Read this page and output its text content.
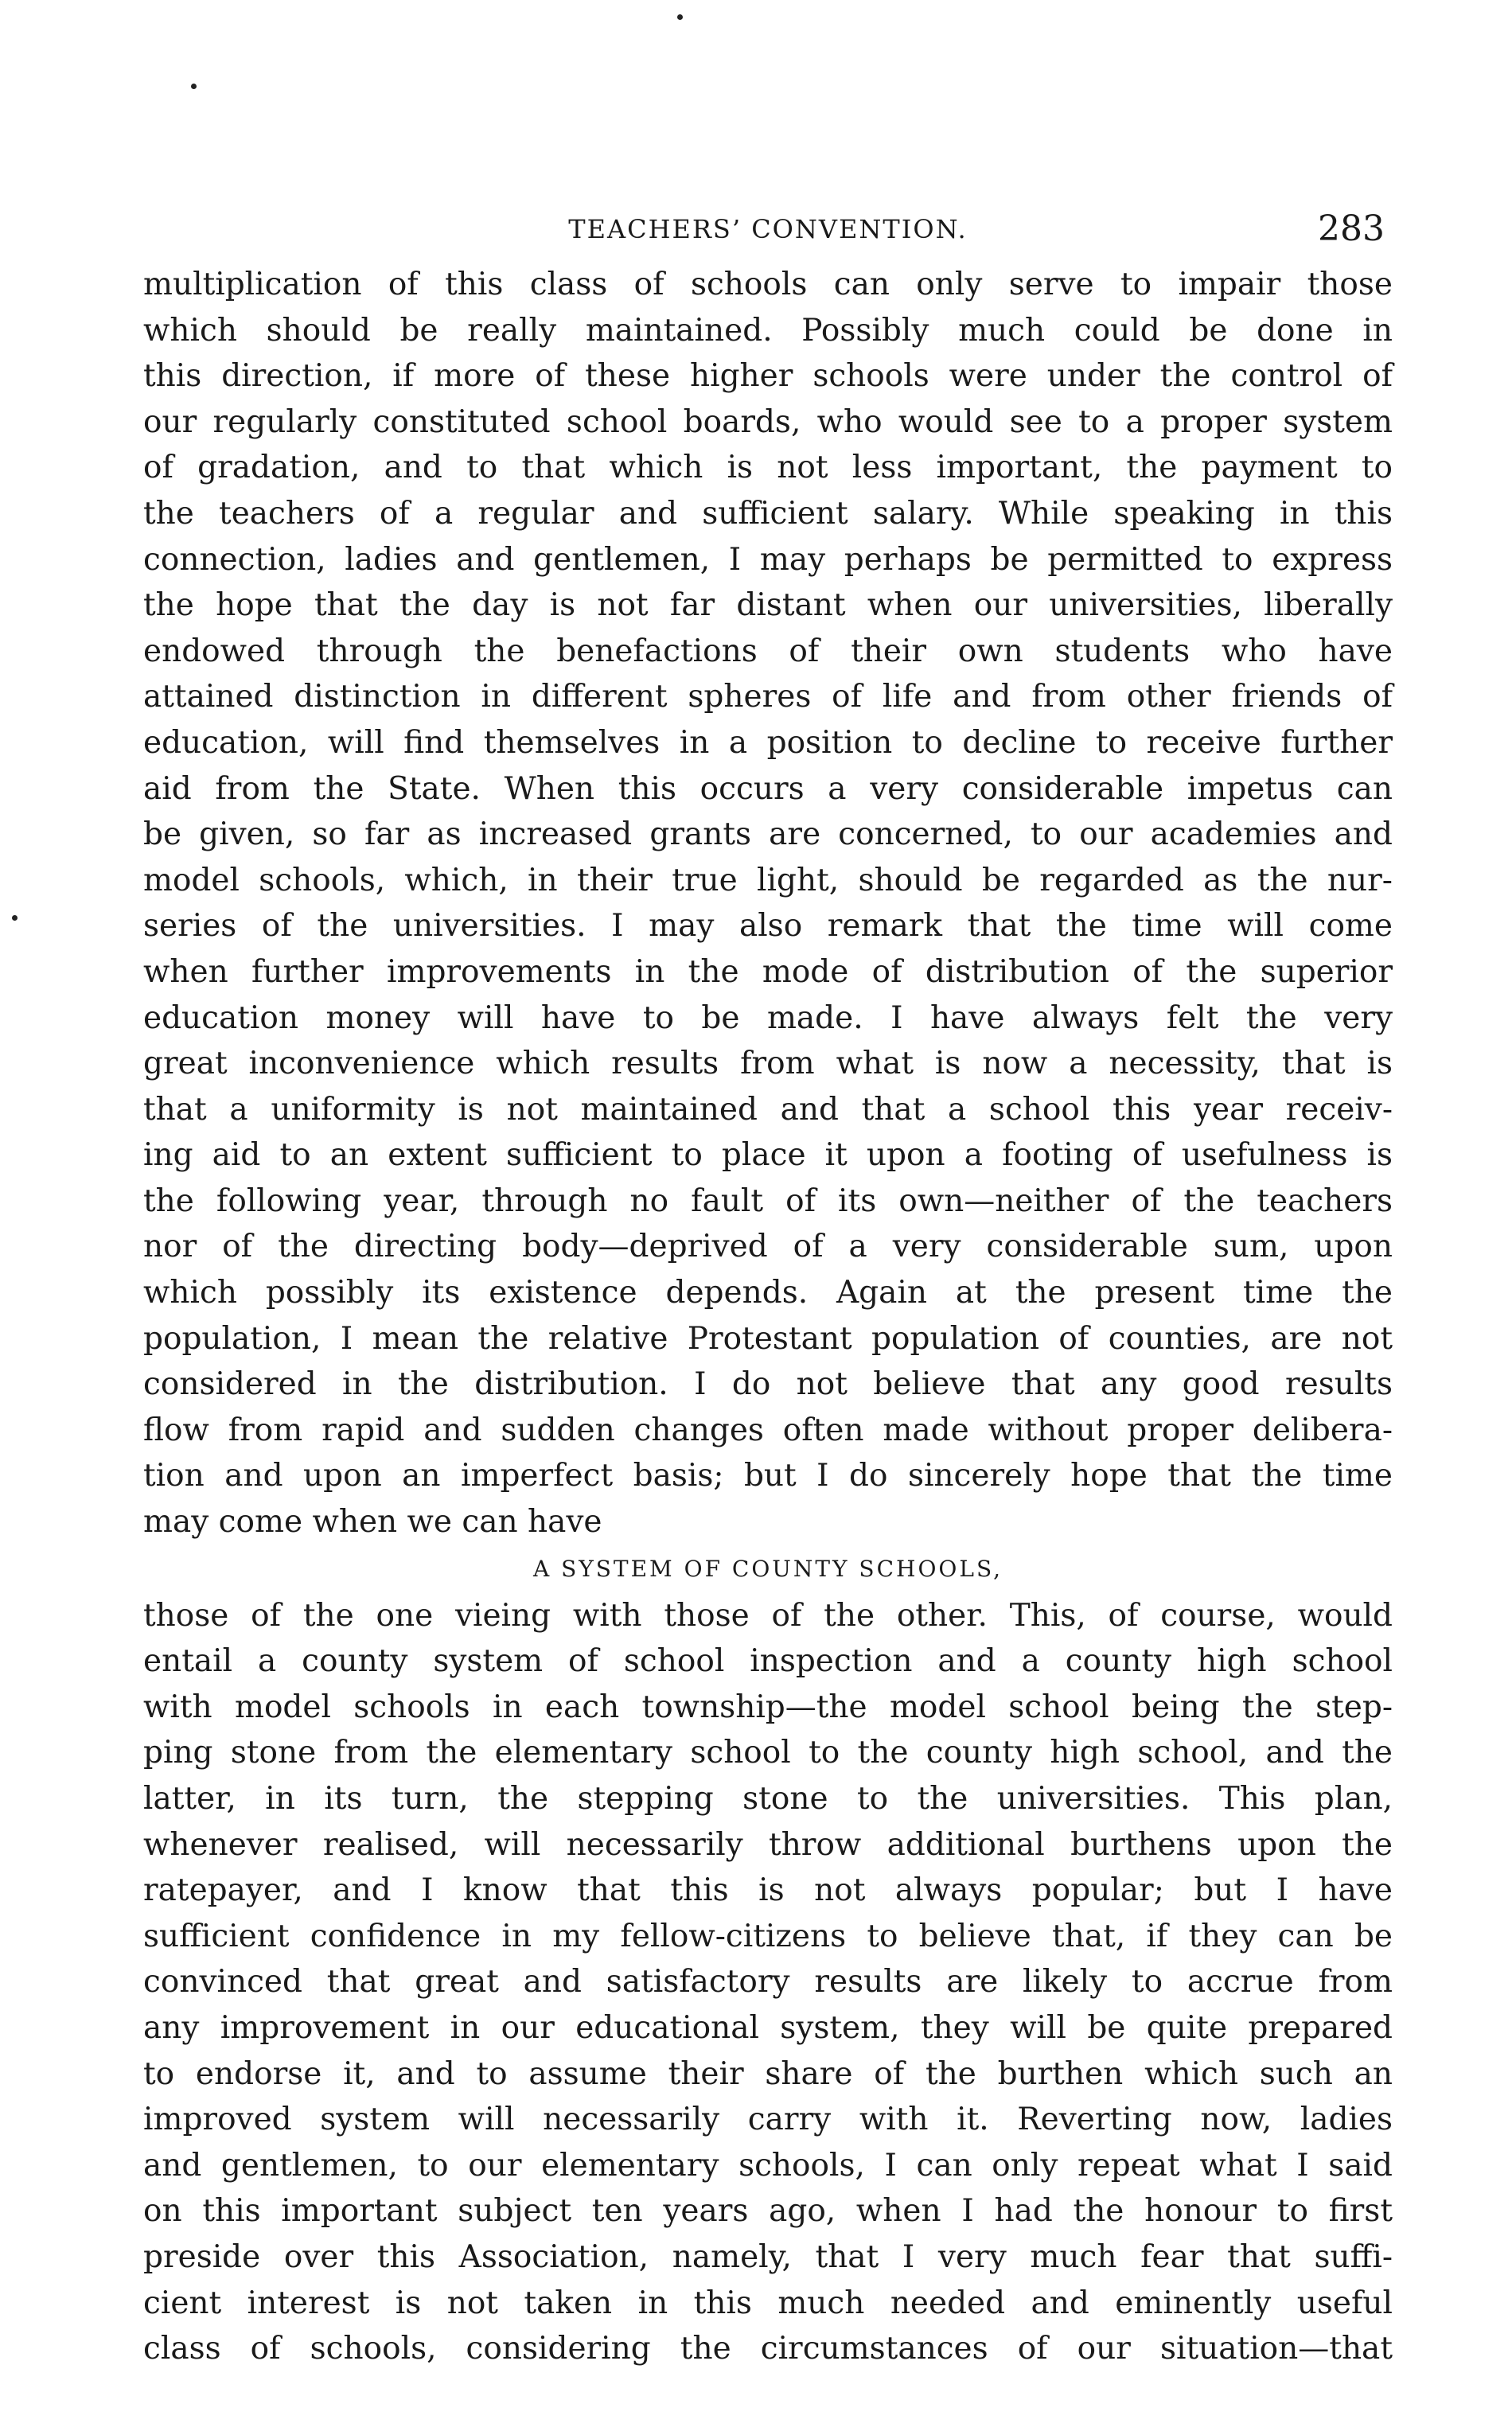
TEACHERS’ CONVENTION.	283
multiplication of this class of schools can only serve to impair those
which should be really maintained. Possibly much could be done in
this direction, if more of these higher schools were under the control of
our regularly constituted school boards, who would see to a proper system
of gradation, and to that which is not less important, the payment to
the teachers of a regular and sufficient salary. While speaking in this
connection, ladies and gentlemen, I may perhaps be permitted to express
the hope that the day is not far distant when our universities, liberally
endowed through the benefactions of their own students who have
attained distinction in different spheres of life and from other friends of
education, will find themselves in a position to decline to receive further
aid from the State. When this occurs a very considerable impetus can
be given, so far as increased grants are concerned, to our academies and
model schools, which, in their true light, should be regarded as the nur-
series of the universities. I may also remark that the time will come
when further improvements in the mode of distribution of the superior
education money will have to be made. I have always felt the very
great inconvenience which results from what is now a necessity, that is
that a uniformity is not maintained and that a school this year receiv-
ing aid to an extent sufficient to place it upon a footing of usefulness is
the following year, through no fault of its own—neither of the teachers
nor of the directing body—deprived of a very considerable sum, upon
which possibly its existence depends. Again at the present time the
population, I mean the relative Protestant population of counties, are not
considered in the distribution. I do not believe that any good results
flow from rapid and sudden changes often made without proper delibera-
tion and upon an imperfect basis; but I do sincerely hope that the time
may come when we can have
A SYSTEM OF COUNTY SCHOOLS,
those of the one vieing with those of the other. This, of course, would
entail a county system of school inspection and a county high school
with model schools in each township—the model school being the step-
ping stone from the elementary school to the county high school, and the
latter, in its turn, the stepping stone to the universities. This plan,
whenever realised, will necessarily throw additional burthens upon the
ratepayer, and I know that this is not always popular; but I have
sufficient confidence in my fellow-citizens to believe that, if they can be
convinced that great and satisfactory results are likely to accrue from
any improvement in our educational system, they will be quite prepared
to endorse it, and to assume their share of the burthen which such an
improved system will necessarily carry with it. Reverting now, ladies
and gentlemen, to our elementary schools, I can only repeat what I said
on this important subject ten years ago, when I had the honour to first
preside over this Association, namely, that I very much fear that suffi-
cient interest is not taken in this much needed and eminently useful
class of schools, considering the circumstances of our situation—that
